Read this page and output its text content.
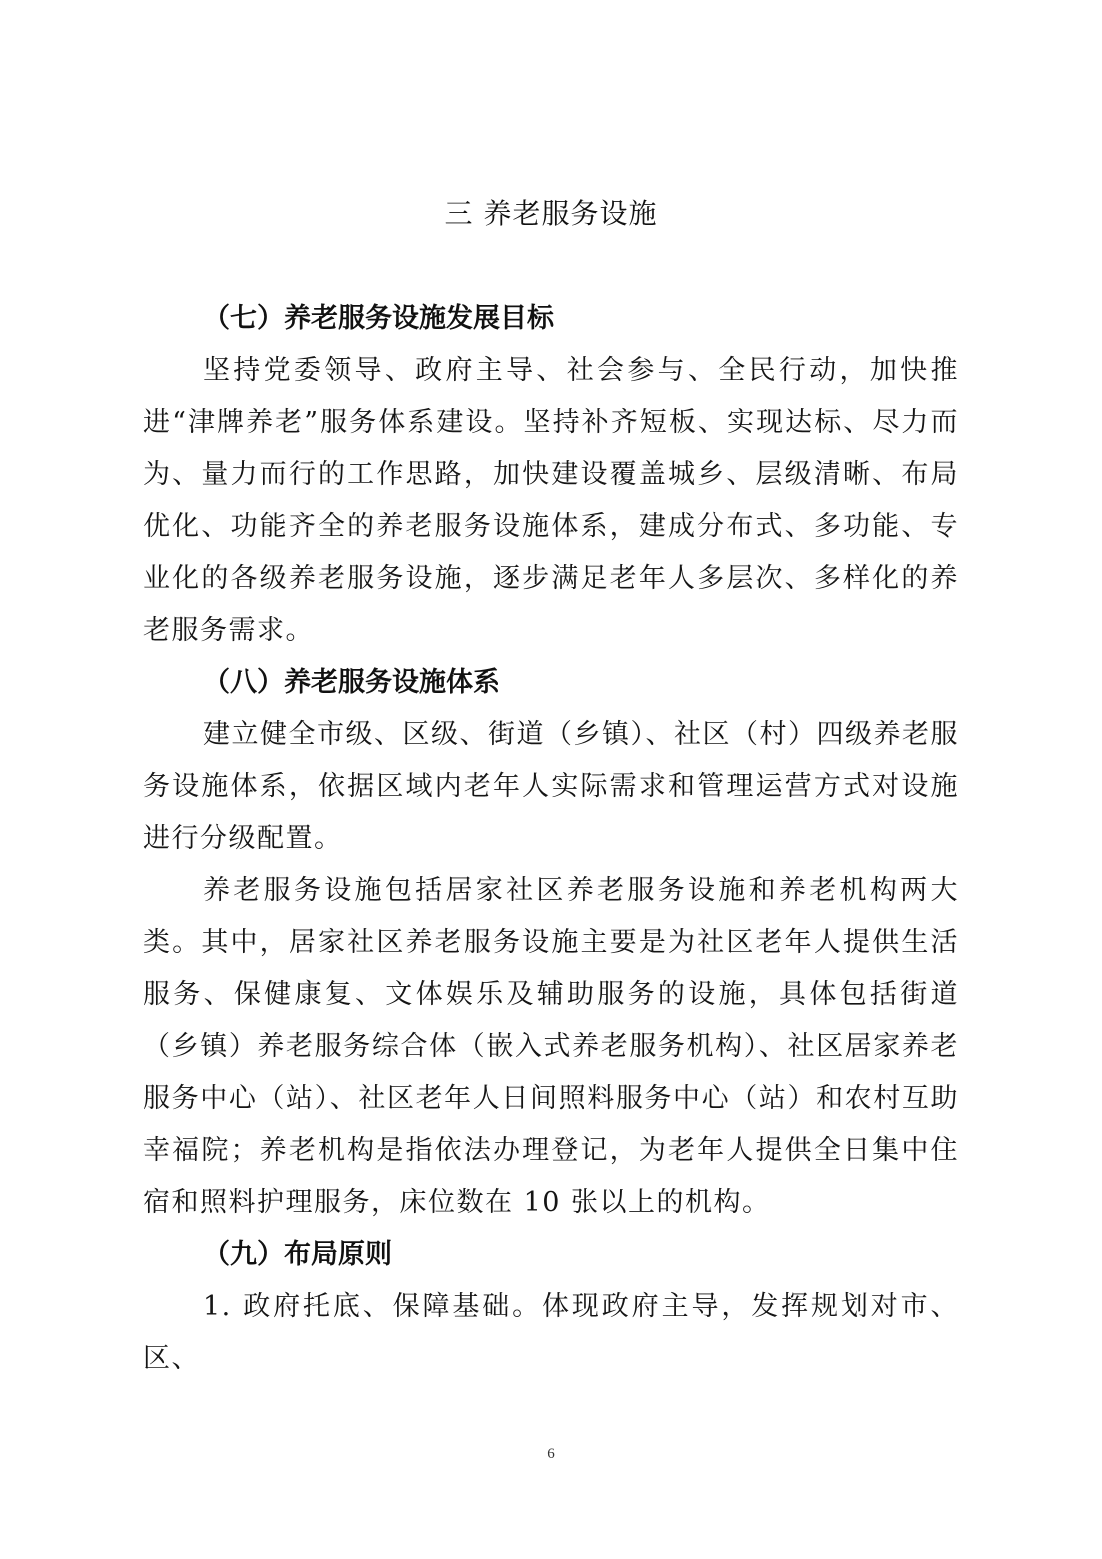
三 养老服务设施
（七）养老服务设施发展目标

坚持党委领导、政府主导、社会参与、全民行动，加快推进“津牌养老”服务体系建设。坚持补齐短板、实现达标、尽力而为、量力而行的工作思路，加快建设覆盖城乡、层级清晰、布局优化、功能齐全的养老服务设施体系，建成分布式、多功能、专业化的各级养老服务设施，逐步满足老年人多层次、多样化的养老服务需求。

（八）养老服务设施体系

建立健全市级、区级、街道（乡镇）、社区（村）四级养老服务设施体系，依据区域内老年人实际需求和管理运营方式对设施进行分级配置。

养老服务设施包括居家社区养老服务设施和养老机构两大类。其中，居家社区养老服务设施主要是为社区老年人提供生活服务、保健康复、文体娱乐及辅助服务的设施，具体包括街道（乡镇）养老服务综合体（嵌入式养老服务机构）、社区居家养老服务中心（站）、社区老年人日间照料服务中心（站）和农村互助幸福院；养老机构是指依法办理登记，为老年人提供全日集中住宿和照料护理服务，床位数在 10 张以上的机构。

（九）布局原则

1. 政府托底、保障基础。体现政府主导，发挥规划对市、区、

6
